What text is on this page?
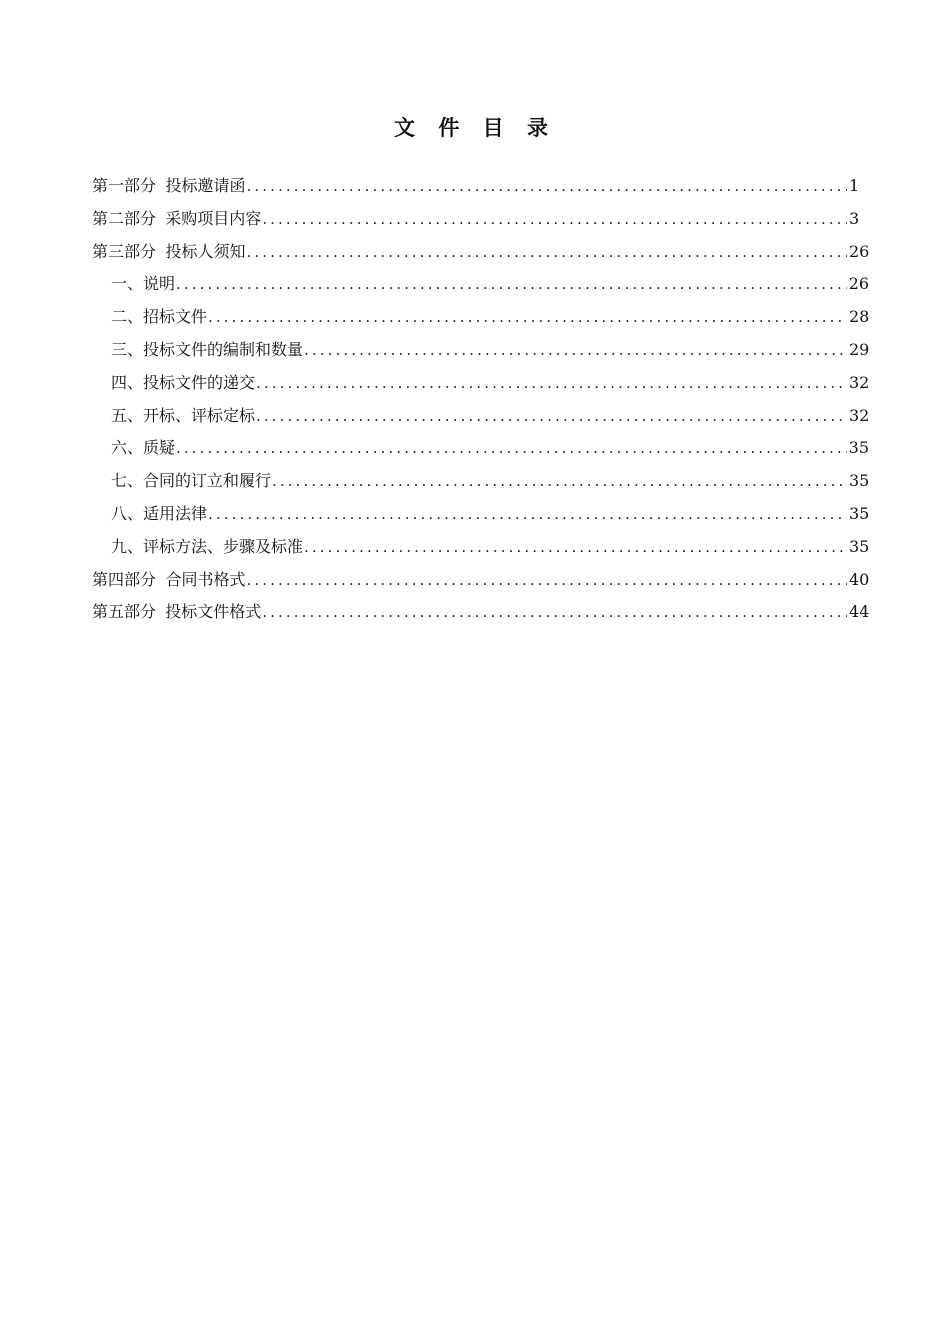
文 件 目 录
第一部分 投标邀请函 .....	1
第二部分 采购项目内容 .....	3
第三部分 投标人须知 .....	26
一、 说明 .....	26
二、 招标文件 .....	28
三、 投标文件的编制和数量 .....	29
四、 投标文件的递交 .....	32
五、 开标、评标定标 .....	32
六、 质疑 .....	35
七、 合同的订立和履行 .....	35
八、 适用法律 .....	35
九、 评标方法、步骤及标准 .....	35
第四部分 合同书格式 .....	40
第五部分 投标文件格式 .....	44
